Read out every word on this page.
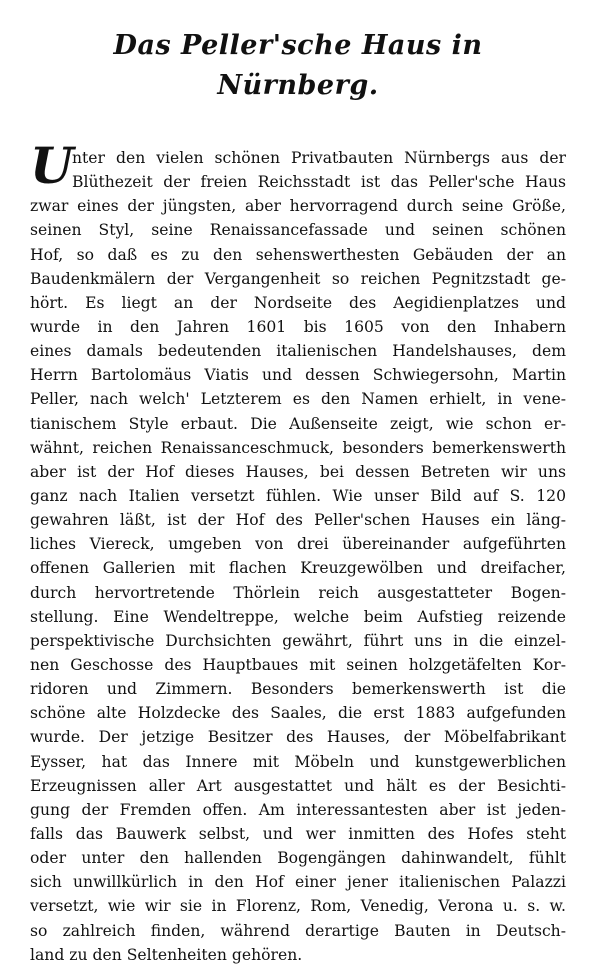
Das Peller'sche Haus in Nürnberg.
U
nter den vielen schönen Privatbauten Nürnbergs aus der
Blüthezeit der freien Reichsstadt ist das Peller'sche Haus
zwar eines der jüngsten, aber hervorragend durch seine Größe,
seinen Styl, seine Renaissancefassade und seinen schönen
Hof, so daß es zu den sehenswerthesten Gebäuden der an
Baudenkmälern der Vergangenheit so reichen Pegnitzstadt ge-
hört. Es liegt an der Nordseite des Aegidienplatzes und
wurde in den Jahren 1601 bis 1605 von den Inhabern
eines damals bedeutenden italienischen Handelshauses, dem
Herrn Bartolomäus Viatis und dessen Schwiegersohn, Martin
Peller, nach welch' Letzterem es den Namen erhielt, in vene-
tianischem Style erbaut. Die Außenseite zeigt, wie schon er-
wähnt, reichen Renaissanceschmuck, besonders bemerkenswerth
aber ist der Hof dieses Hauses, bei dessen Betreten wir uns
ganz nach Italien versetzt fühlen. Wie unser Bild auf S. 120
gewahren läßt, ist der Hof des Peller'schen Hauses ein läng-
liches Viereck, umgeben von drei übereinander aufgeführten
offenen Gallerien mit flachen Kreuzgewölben und dreifacher,
durch hervortretende Thörlein reich ausgestatteter Bogen-
stellung. Eine Wendeltreppe, welche beim Aufstieg reizende
perspektivische Durchsichten gewährt, führt uns in die einzel-
nen Geschosse des Hauptbaues mit seinen holzgetäfelten Kor-
ridoren und Zimmern. Besonders bemerkenswerth ist die
schöne alte Holzdecke des Saales, die erst 1883 aufgefunden
wurde. Der jetzige Besitzer des Hauses, der Möbelfabrikant
Eysser, hat das Innere mit Möbeln und kunstgewerblichen
Erzeugnissen aller Art ausgestattet und hält es der Besichti-
gung der Fremden offen. Am interessantesten aber ist jeden-
falls das Bauwerk selbst, und wer inmitten des Hofes steht
oder unter den hallenden Bogengängen dahinwandelt, fühlt
sich unwillkürlich in den Hof einer jener italienischen Palazzi
versetzt, wie wir sie in Florenz, Rom, Venedig, Verona u. s. w.
so zahlreich finden, während derartige Bauten in Deutsch-
land zu den Seltenheiten gehören.
